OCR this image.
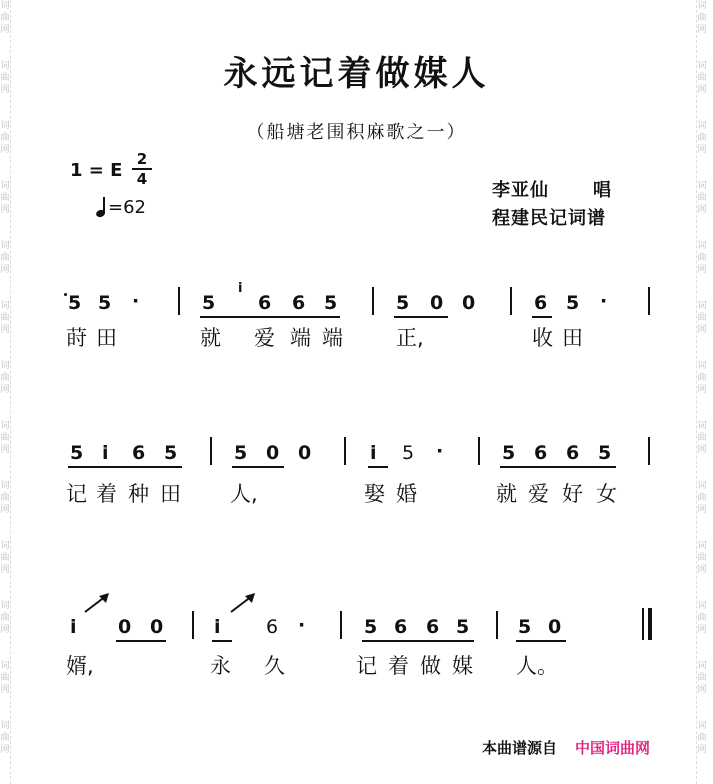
词
曲
网
词
曲
网
词
曲
网
词
曲
网
词
曲
网
词
曲
网
词
曲
网
词
曲
网
词
曲
网
词
曲
网
词
曲
网
词
曲
网
词
曲
网
词
曲
网
词
曲
网
词
曲
网
词
曲
网
词
曲
网
词
曲
网
词
曲
网
词
曲
网
词
曲
网
词
曲
网
词
曲
网
词
曲
网
词
曲
网
永远记着做媒人
（船塘老围积麻歌之一）
1 = E
2
4
=62
李亚仙 唱
程建民记词谱
5 5 ·	5
i
6 6 5	5 0 0	6 5 ·
莳 田	就 爱 端 端	正,	收 田
5 i 6 5	5 0 0	i 5 ·	5 6 6 5
记 着 种 田 人,	娶 婚	就 爱 好 女
i 0 0	i 6 ·	5 6 6 5	5 0
婿,	永 久	记 着 做 媒 人。
本曲谱源自 中国词曲网
